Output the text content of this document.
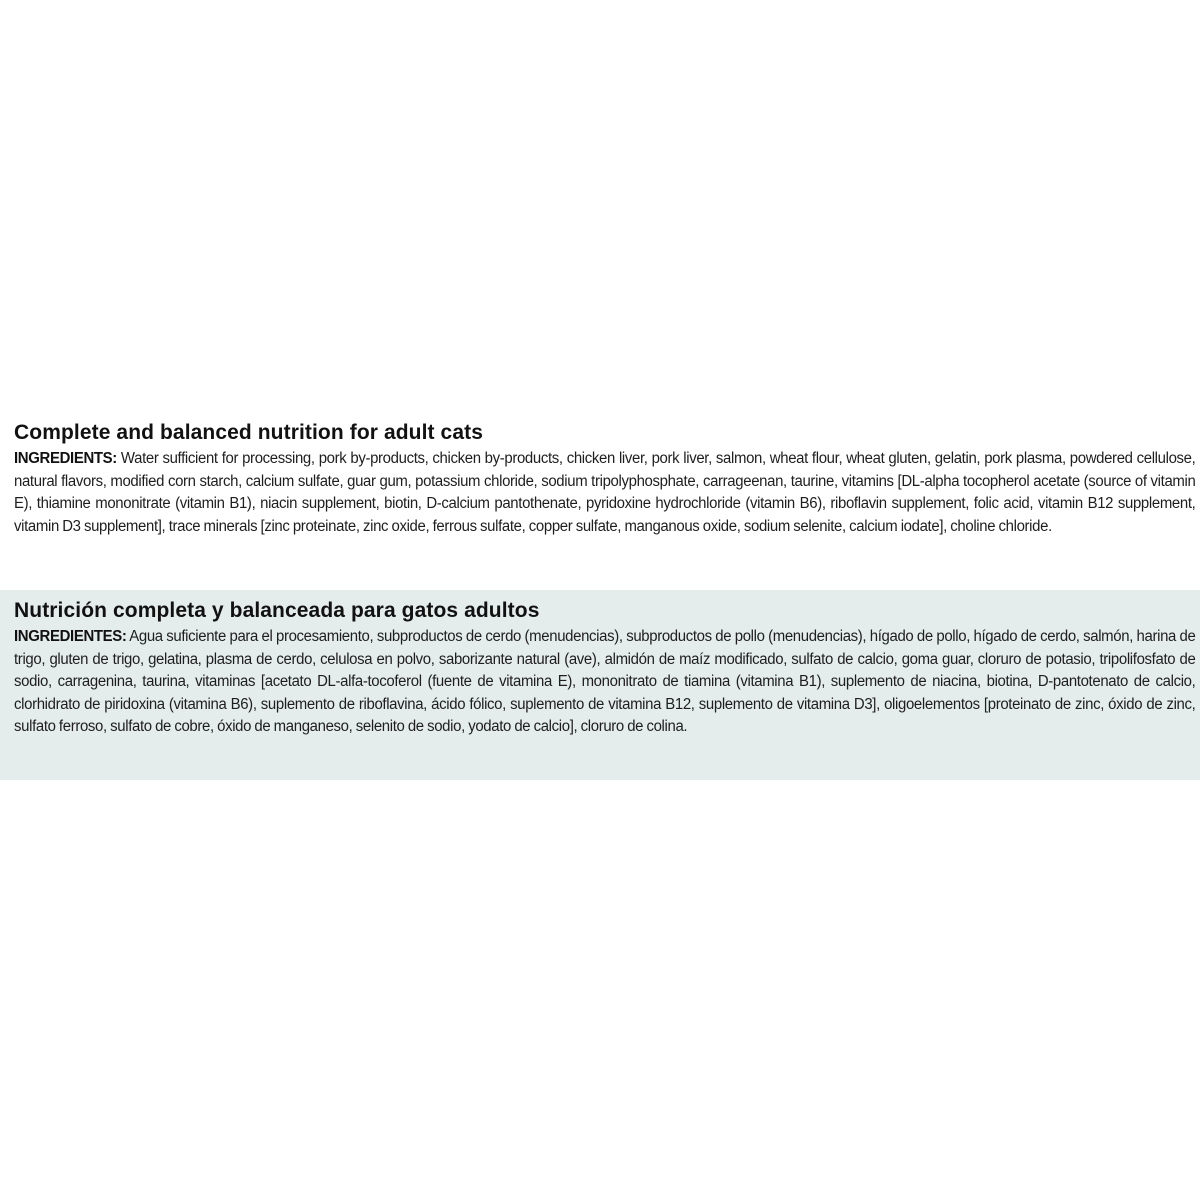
Complete and balanced nutrition for adult cats

INGREDIENTS: Water sufficient for processing, pork by-products, chicken by-products, chicken liver, pork liver, salmon, wheat flour, wheat gluten, gelatin, pork plasma, powdered cellulose, natural flavors, modified corn starch, calcium sulfate, guar gum, potassium chloride, sodium tripolyphosphate, carrageenan, taurine, vitamins [DL-alpha tocopherol acetate (source of vitamin E), thiamine mononitrate (vitamin B1), niacin supplement, biotin, D-calcium pantothenate, pyridoxine hydrochloride (vitamin B6), riboflavin supplement, folic acid, vitamin B12 supplement, vitamin D3 supplement], trace minerals [zinc proteinate, zinc oxide, ferrous sulfate, copper sulfate, manganous oxide, sodium selenite, calcium iodate], choline chloride.

Nutrición completa y balanceada para gatos adultos

INGREDIENTES: Agua suficiente para el procesamiento, subproductos de cerdo (menudencias), subproductos de pollo (menudencias), hígado de pollo, hígado de cerdo, salmón, harina de trigo, gluten de trigo, gelatina, plasma de cerdo, celulosa en polvo, saborizante natural (ave), almidón de maíz modificado, sulfato de calcio, goma guar, cloruro de potasio, tripolifosfato de sodio, carragenina, taurina, vitaminas [acetato DL-alfa-tocoferol (fuente de vitamina E), mononitrato de tiamina (vitamina B1), suplemento de niacina, biotina, D-pantotenato de calcio, clorhidrato de piridoxina (vitamina B6), suplemento de riboflavina, ácido fólico, suplemento de vitamina B12, suplemento de vitamina D3], oligoelementos [proteinato de zinc, óxido de zinc, sulfato ferroso, sulfato de cobre, óxido de manganeso, selenito de sodio, yodato de calcio], cloruro de colina.
